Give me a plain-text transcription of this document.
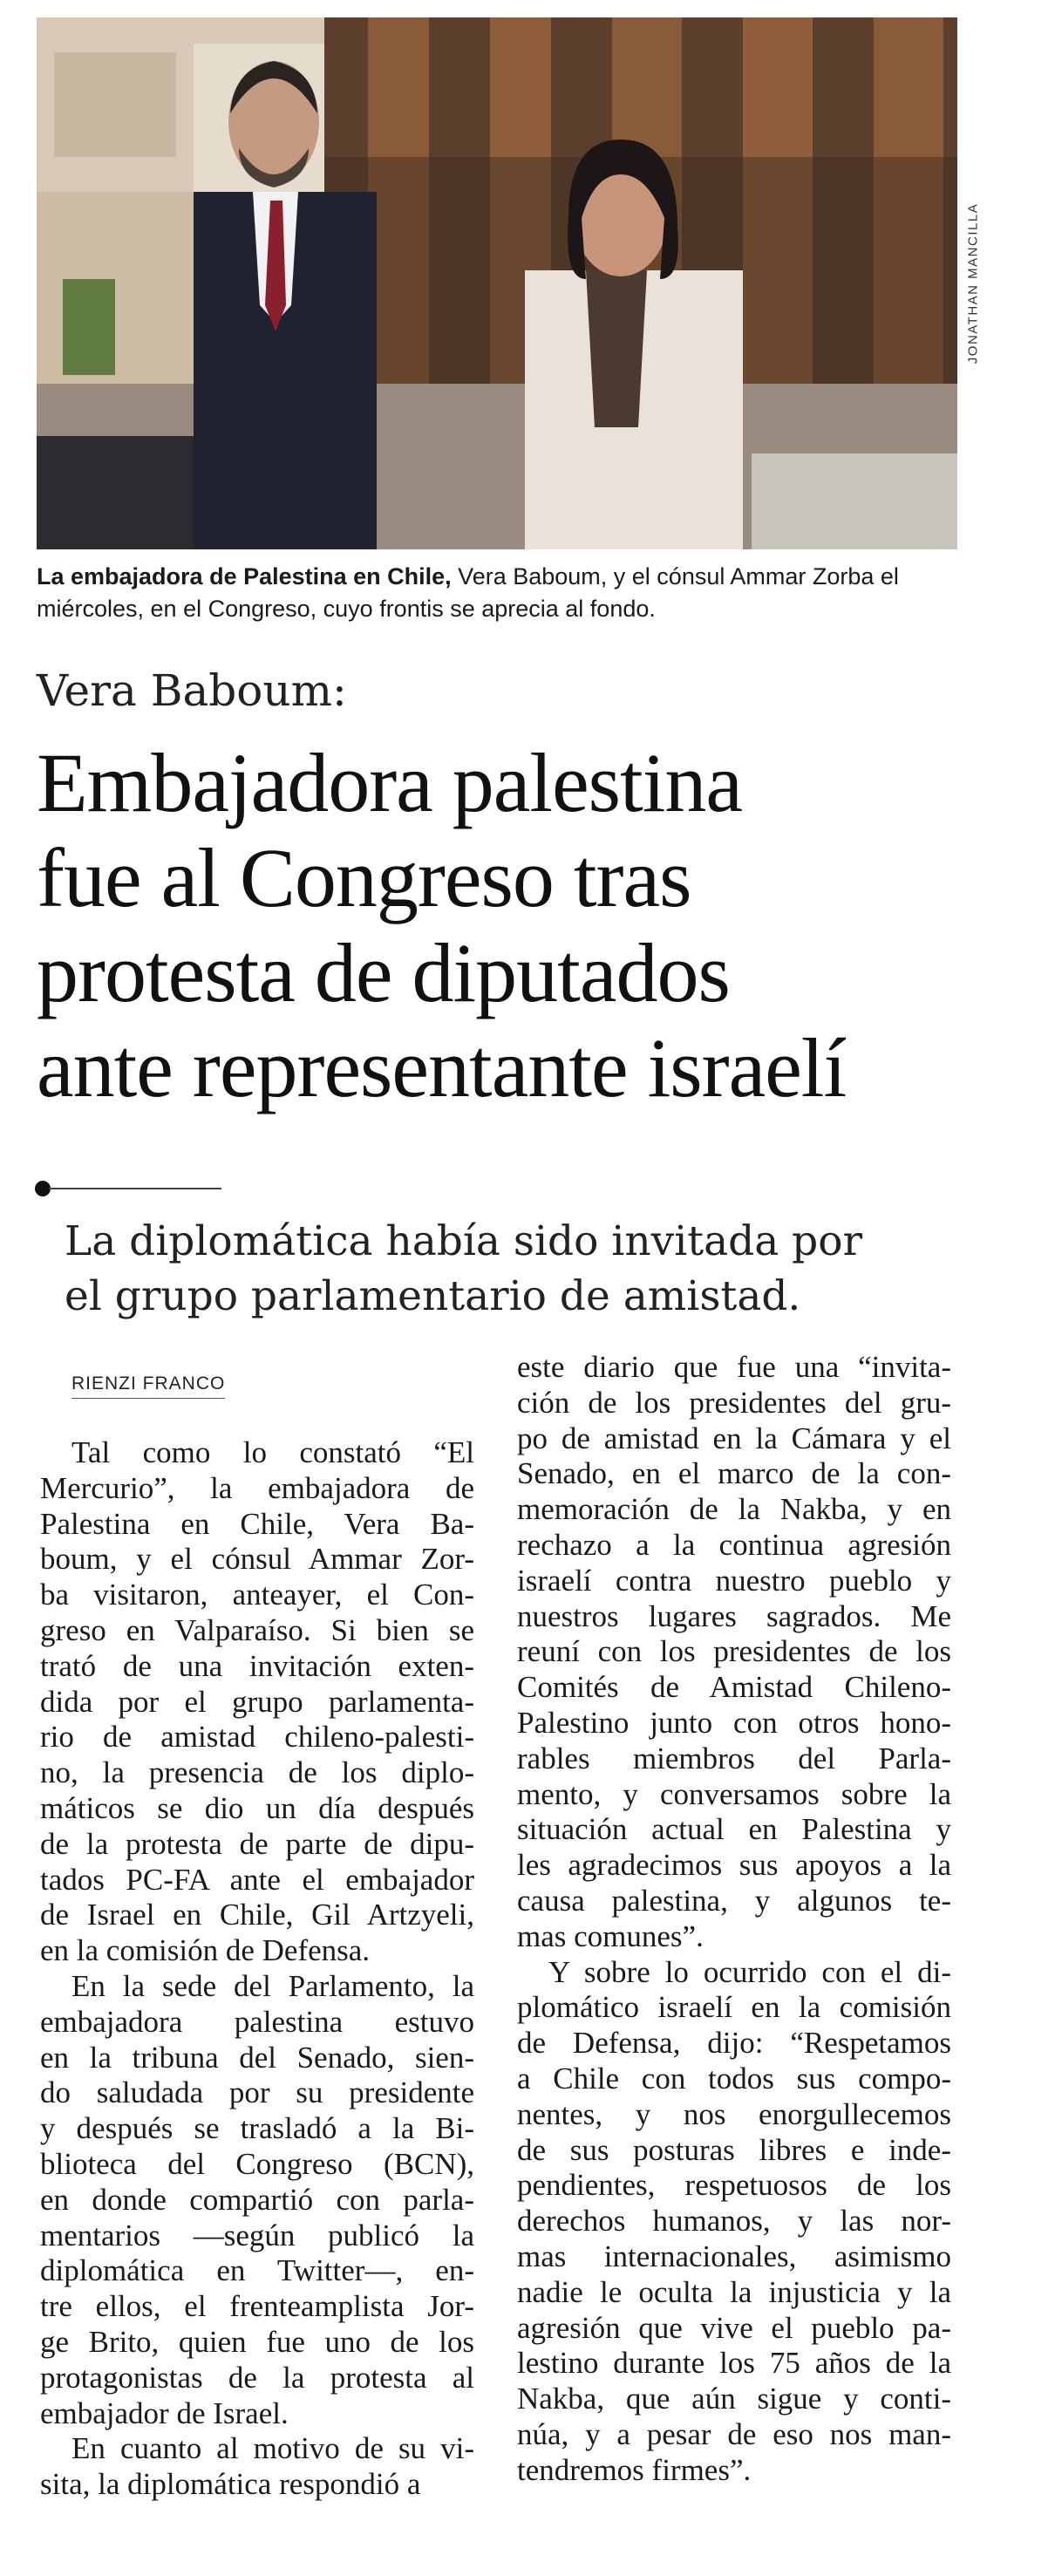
JONATHAN MANCILLA
La embajadora de Palestina en Chile, Vera Baboum, y el cónsul Ammar Zorba el miércoles, en el Congreso, cuyo frontis se aprecia al fondo.
Vera Baboum:
Embajadora palestina
fue al Congreso tras
protesta de diputados
ante representante israelí
La diplomática había sido invitada por
el grupo parlamentario de amistad.
RIENZI FRANCO
Tal como lo constató “El
Mercurio”, la embajadora de
Palestina en Chile, Vera Ba-
boum, y el cónsul Ammar Zor-
ba visitaron, anteayer, el Con-
greso en Valparaíso. Si bien se
trató de una invitación exten-
dida por el grupo parlamenta-
rio de amistad chileno-palesti-
no, la presencia de los diplo-
máticos se dio un día después
de la protesta de parte de dipu-
tados PC-FA ante el embajador
de Israel en Chile, Gil Artzyeli,
en la comisión de Defensa.
En la sede del Parlamento, la
embajadora palestina estuvo
en la tribuna del Senado, sien-
do saludada por su presidente
y después se trasladó a la Bi-
blioteca del Congreso (BCN),
en donde compartió con parla-
mentarios —según publicó la
diplomática en Twitter—, en-
tre ellos, el frenteamplista Jor-
ge Brito, quien fue uno de los
protagonistas de la protesta al
embajador de Israel.
En cuanto al motivo de su vi-
sita, la diplomática respondió a
este diario que fue una “invita-
ción de los presidentes del gru-
po de amistad en la Cámara y el
Senado, en el marco de la con-
memoración de la Nakba, y en
rechazo a la continua agresión
israelí contra nuestro pueblo y
nuestros lugares sagrados. Me
reuní con los presidentes de los
Comités de Amistad Chileno-
Palestino junto con otros hono-
rables miembros del Parla-
mento, y conversamos sobre la
situación actual en Palestina y
les agradecimos sus apoyos a la
causa palestina, y algunos te-
mas comunes”.
Y sobre lo ocurrido con el di-
plomático israelí en la comisión
de Defensa, dijo: “Respetamos
a Chile con todos sus compo-
nentes, y nos enorgullecemos
de sus posturas libres e inde-
pendientes, respetuosos de los
derechos humanos, y las nor-
mas internacionales, asimismo
nadie le oculta la injusticia y la
agresión que vive el pueblo pa-
lestino durante los 75 años de la
Nakba, que aún sigue y conti-
núa, y a pesar de eso nos man-
tendremos firmes”.
